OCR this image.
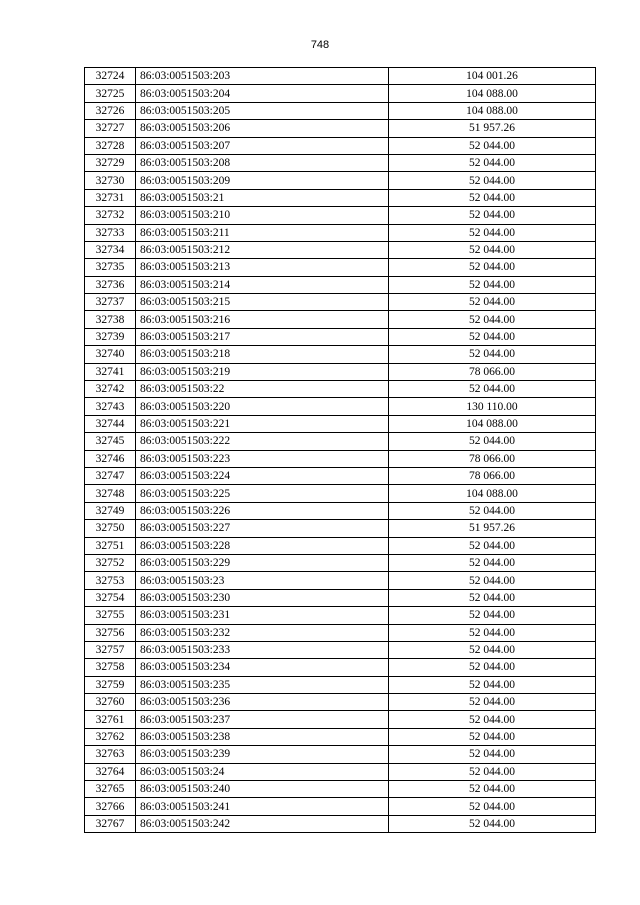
748
32724	86:03:0051503:203	104 001.26
32725	86:03:0051503:204	104 088.00
32726	86:03:0051503:205	104 088.00
32727	86:03:0051503:206	51 957.26
32728	86:03:0051503:207	52 044.00
32729	86:03:0051503:208	52 044.00
32730	86:03:0051503:209	52 044.00
32731	86:03:0051503:21	52 044.00
32732	86:03:0051503:210	52 044.00
32733	86:03:0051503:211	52 044.00
32734	86:03:0051503:212	52 044.00
32735	86:03:0051503:213	52 044.00
32736	86:03:0051503:214	52 044.00
32737	86:03:0051503:215	52 044.00
32738	86:03:0051503:216	52 044.00
32739	86:03:0051503:217	52 044.00
32740	86:03:0051503:218	52 044.00
32741	86:03:0051503:219	78 066.00
32742	86:03:0051503:22	52 044.00
32743	86:03:0051503:220	130 110.00
32744	86:03:0051503:221	104 088.00
32745	86:03:0051503:222	52 044.00
32746	86:03:0051503:223	78 066.00
32747	86:03:0051503:224	78 066.00
32748	86:03:0051503:225	104 088.00
32749	86:03:0051503:226	52 044.00
32750	86:03:0051503:227	51 957.26
32751	86:03:0051503:228	52 044.00
32752	86:03:0051503:229	52 044.00
32753	86:03:0051503:23	52 044.00
32754	86:03:0051503:230	52 044.00
32755	86:03:0051503:231	52 044.00
32756	86:03:0051503:232	52 044.00
32757	86:03:0051503:233	52 044.00
32758	86:03:0051503:234	52 044.00
32759	86:03:0051503:235	52 044.00
32760	86:03:0051503:236	52 044.00
32761	86:03:0051503:237	52 044.00
32762	86:03:0051503:238	52 044.00
32763	86:03:0051503:239	52 044.00
32764	86:03:0051503:24	52 044.00
32765	86:03:0051503:240	52 044.00
32766	86:03:0051503:241	52 044.00
32767	86:03:0051503:242	52 044.00
